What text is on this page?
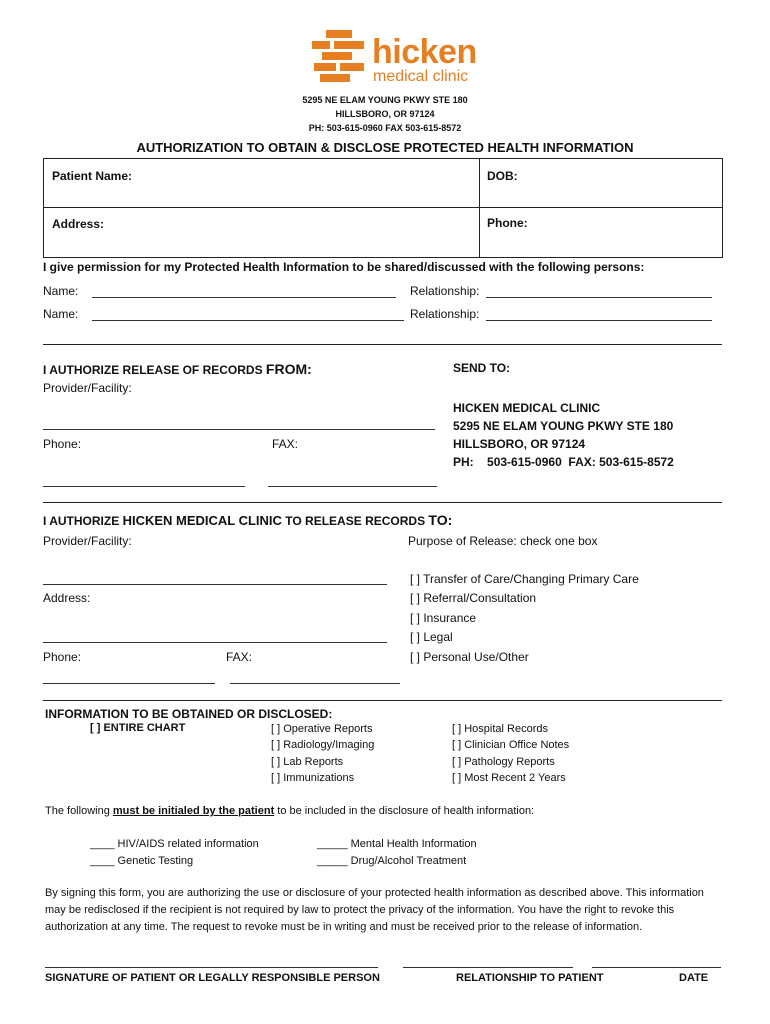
hicken
medical clinic
5295 NE ELAM YOUNG PKWY STE 180
HILLSBORO, OR 97124
PH: 503-615-0960 FAX 503-615-8572
AUTHORIZATION TO OBTAIN & DISCLOSE PROTECTED HEALTH INFORMATION
Patient Name:	DOB:
Address:	Phone:
I give permission for my Protected Health Information to be shared/discussed with the following persons:
Name:	Relationship:
Name:	Relationship:
I AUTHORIZE RELEASE OF RECORDS FROM:
Provider/Facility:
Phone:	FAX:
SEND TO:
HICKEN MEDICAL CLINIC
5295 NE ELAM YOUNG PKWY STE 180
HILLSBORO, OR 97124
PH: 503-615-0960 FAX: 503-615-8572
I AUTHORIZE HICKEN MEDICAL CLINIC TO RELEASE RECORDS TO:
Provider/Facility:
Address:
Phone:	FAX:
Purpose of Release: check one box
[ ] Transfer of Care/Changing Primary Care
[ ] Referral/Consultation
[ ] Insurance
[ ] Legal
[ ] Personal Use/Other
INFORMATION TO BE OBTAINED OR DISCLOSED:
[ ] ENTIRE CHART	[ ] Operative Reports
[ ] Radiology/Imaging
[ ] Lab Reports
[ ] Immunizations
[ ] Hospital Records
[ ] Clinician Office Notes
[ ] Pathology Reports
[ ] Most Recent 2 Years
The following must be initialed by the patient to be included in the disclosure of health information:
____ HIV/AIDS related information
____ Genetic Testing
_____ Mental Health Information
_____ Drug/Alcohol Treatment
By signing this form, you are authorizing the use or disclosure of your protected health information as described above. This information
may be redisclosed if the recipient is not required by law to protect the privacy of the information. You have the right to revoke this
authorization at any time. The request to revoke must be in writing and must be received prior to the release of information.
SIGNATURE OF PATIENT OR LEGALLY RESPONSIBLE PERSON	RELATIONSHIP TO PATIENT	DATE
